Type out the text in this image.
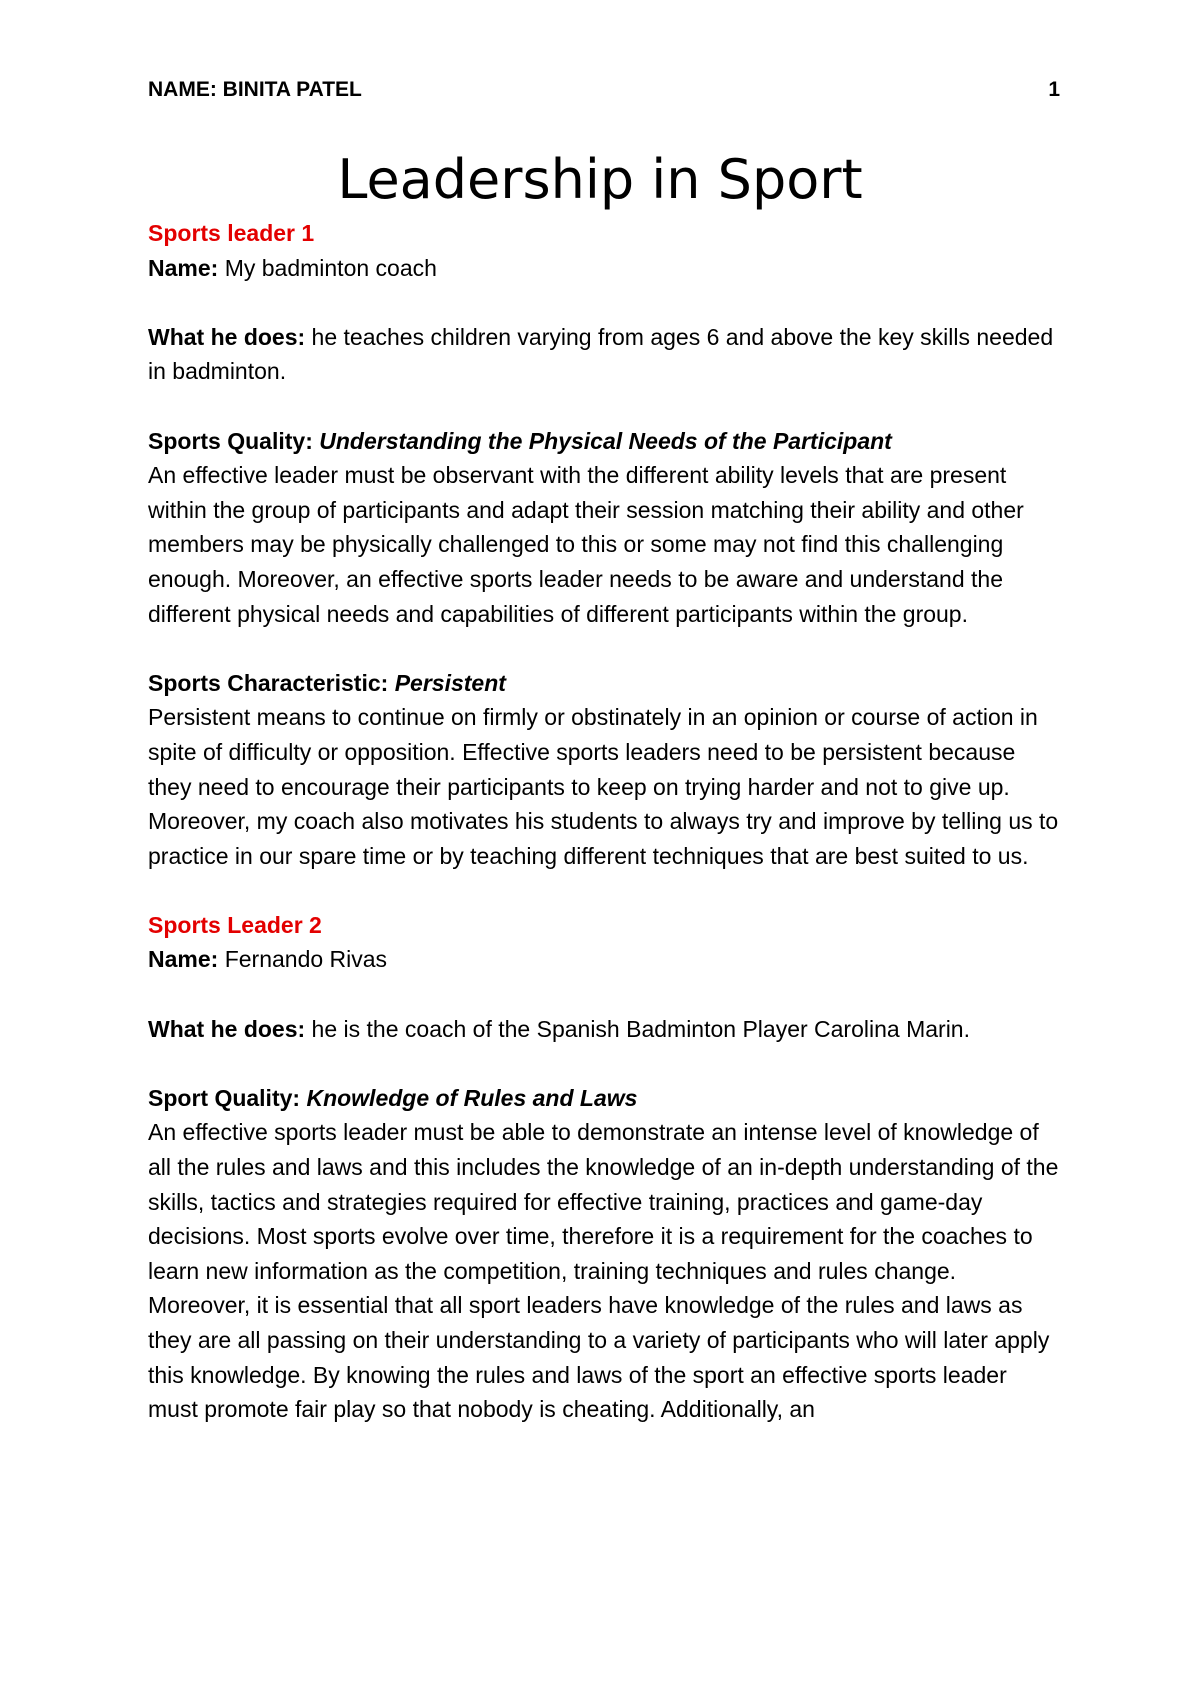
NAME: BINITA PATEL	1
Leadership in Sport

Sports leader 1

Name: My badminton coach

What he does: he teaches children varying from ages 6 and above the key skills needed in badminton.

Sports Quality: Understanding the Physical Needs of the Participant

An effective leader must be observant with the different ability levels that are present within the group of participants and adapt their session matching their ability and other members may be physically challenged to this or some may not find this challenging enough. Moreover, an effective sports leader needs to be aware and understand the different physical needs and capabilities of different participants within the group.

Sports Characteristic: Persistent

Persistent means to continue on firmly or obstinately in an opinion or course of action in spite of difficulty or opposition. Effective sports leaders need to be persistent because they need to encourage their participants to keep on trying harder and not to give up. Moreover, my coach also motivates his students to always try and improve by telling us to practice in our spare time or by teaching different techniques that are best suited to us.

Sports Leader 2

Name: Fernando Rivas

What he does: he is the coach of the Spanish Badminton Player Carolina Marin.

Sport Quality: Knowledge of Rules and Laws

An effective sports leader must be able to demonstrate an intense level of knowledge of all the rules and laws and this includes the knowledge of an in-depth understanding of the skills, tactics and strategies required for effective training, practices and game-day decisions. Most sports evolve over time, therefore it is a requirement for the coaches to learn new information as the competition, training techniques and rules change. Moreover, it is essential that all sport leaders have knowledge of the rules and laws as they are all passing on their understanding to a variety of participants who will later apply this knowledge. By knowing the rules and laws of the sport an effective sports leader must promote fair play so that nobody is cheating. Additionally, an
